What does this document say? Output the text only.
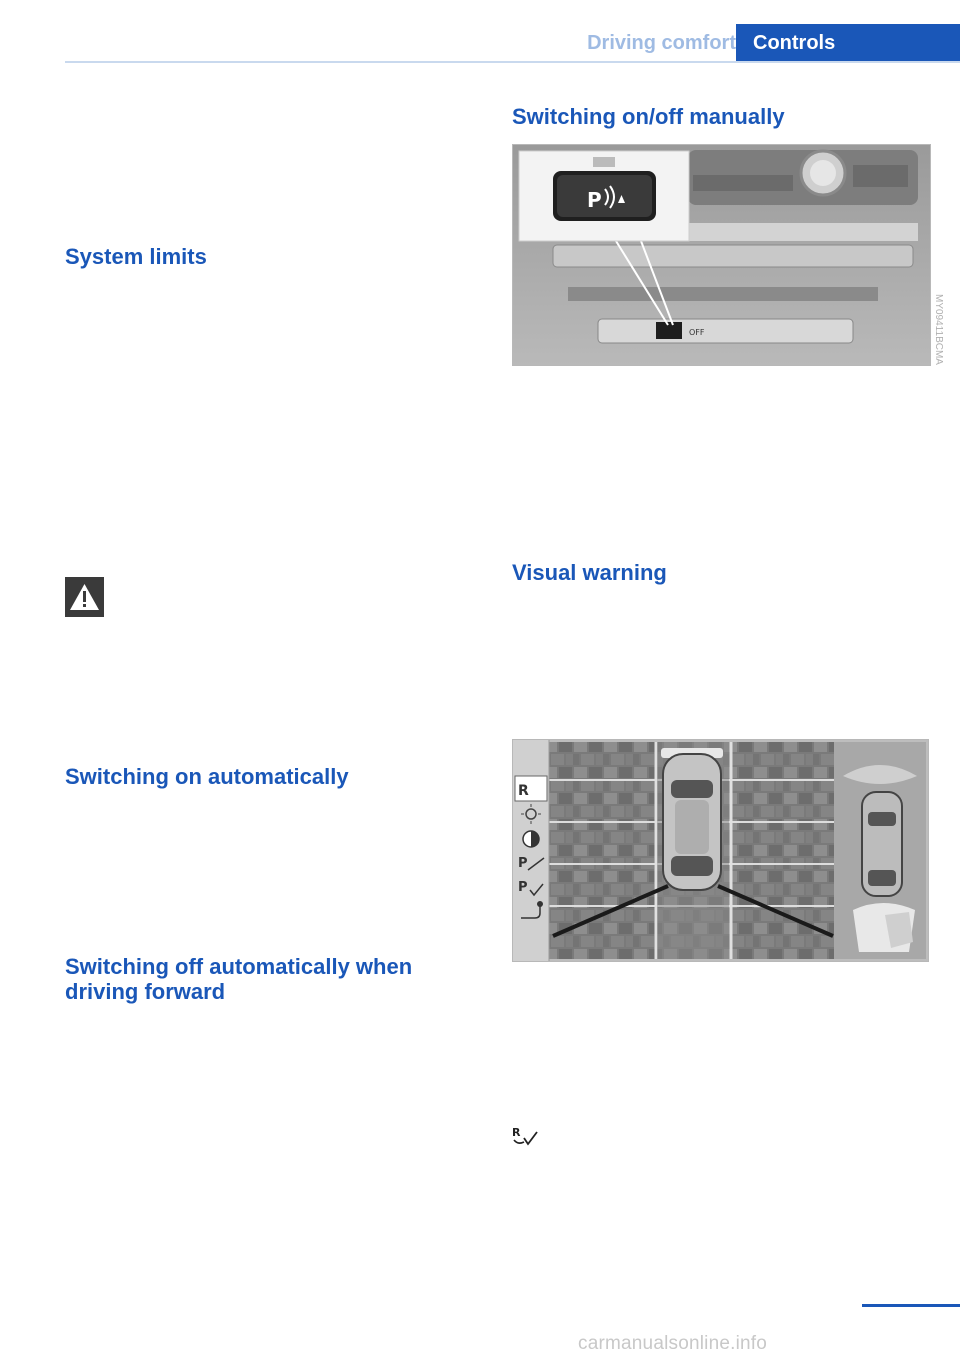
Driving comfort Controls
System limits
Switching on automatically
Switching off automatically when driving forward
Switching on/off manually
OFF
P
MY09411BCMA
Visual warning
R
P
P
R
carmanualsonline.info
